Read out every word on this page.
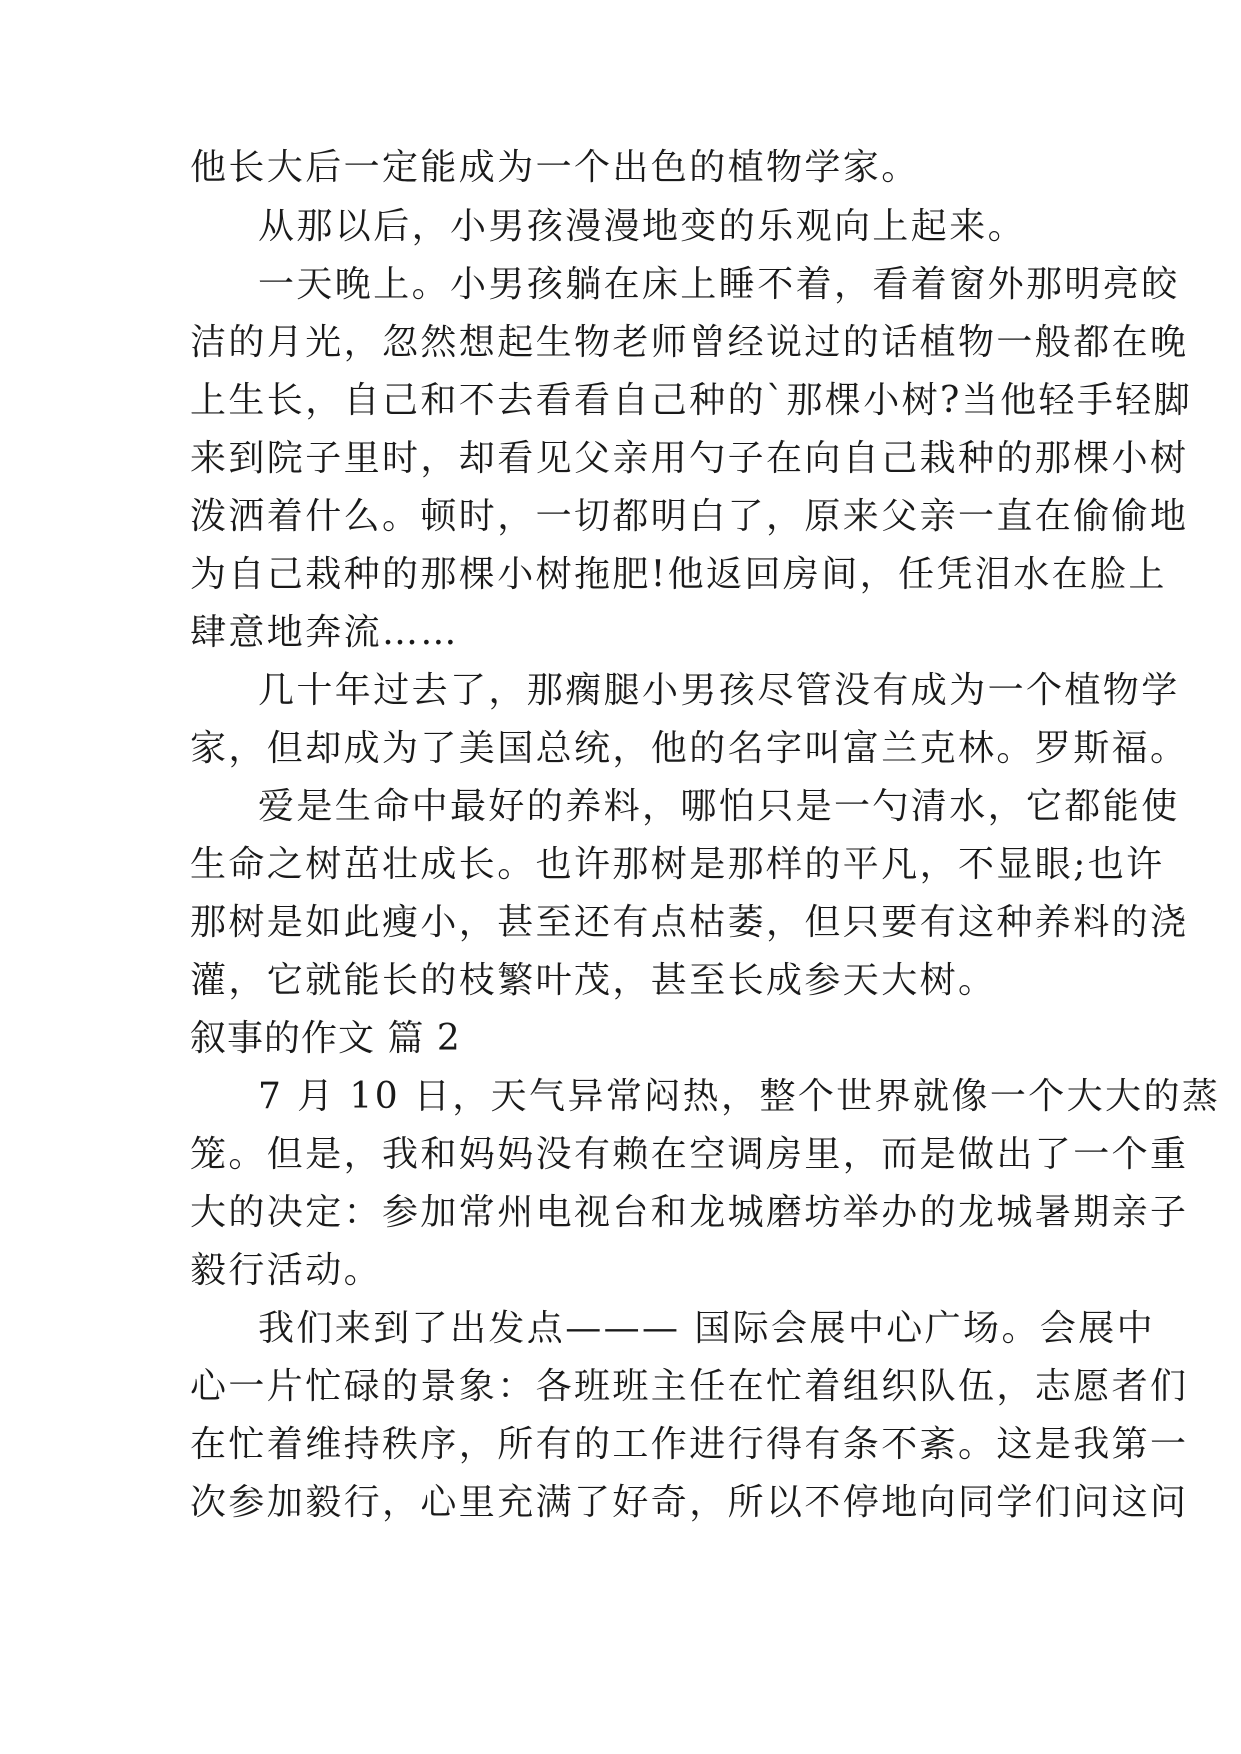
他长大后一定能成为一个出色的植物学家。
从那以后，小男孩漫漫地变的乐观向上起来。
一天晚上。小男孩躺在床上睡不着，看着窗外那明亮皎
洁的月光，忽然想起生物老师曾经说过的话植物一般都在晚
上生长，自己和不去看看自己种的`那棵小树?当他轻手轻脚
来到院子里时，却看见父亲用勺子在向自己栽种的那棵小树
泼洒着什么。顿时，一切都明白了，原来父亲一直在偷偷地
为自己栽种的那棵小树拖肥!他返回房间，任凭泪水在脸上
肆意地奔流……
几十年过去了，那瘸腿小男孩尽管没有成为一个植物学
家，但却成为了美国总统，他的名字叫富兰克林。罗斯福。
爱是生命中最好的养料，哪怕只是一勺清水，它都能使
生命之树茁壮成长。也许那树是那样的平凡，不显眼;也许
那树是如此瘦小，甚至还有点枯萎，但只要有这种养料的浇
灌，它就能长的枝繁叶茂，甚至长成参天大树。
叙事的作文 篇 2
7 月 10 日，天气异常闷热，整个世界就像一个大大的蒸
笼。但是，我和妈妈没有赖在空调房里，而是做出了一个重
大的决定：参加常州电视台和龙城磨坊举办的龙城暑期亲子
毅行活动。
我们来到了出发点——— 国际会展中心广场。会展中
心一片忙碌的景象：各班班主任在忙着组织队伍，志愿者们
在忙着维持秩序，所有的工作进行得有条不紊。这是我第一
次参加毅行，心里充满了好奇，所以不停地向同学们问这问
